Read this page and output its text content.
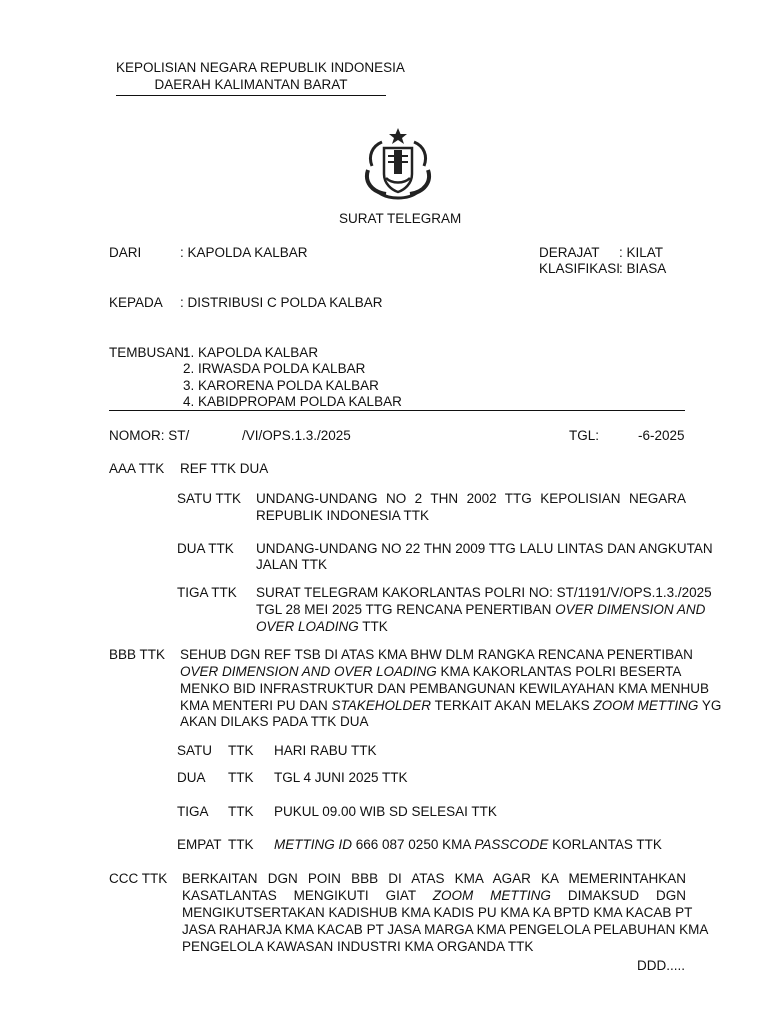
KEPOLISIAN NEGARA REPUBLIK INDONESIA
DAERAH KALIMANTAN BARAT
SURAT TELEGRAM
DARI	: KAPOLDA KALBAR	DERAJAT : KILAT
KLASIFIKASI
: BIASA
KEPADA : DISTRIBUSI C POLDA KALBAR
TEMBUSAN:
1. KAPOLDA KALBAR
2. IRWASDA POLDA KALBAR
3. KARORENA POLDA KALBAR
4. KABIDPROPAM POLDA KALBAR
NOMOR: ST/	/VI/OPS.1.3./2025	TGL:	-6-2025
AAA TTK REF TTK DUA
SATU TTK UNDANG-UNDANG NO 2 THN 2002 TTG KEPOLISIAN NEGARA
REPUBLIK INDONESIA TTK
DUA TTK UNDANG-UNDANG NO 22 THN 2009 TTG LALU LINTAS DAN ANGKUTAN
JALAN TTK
TIGA TTK SURAT TELEGRAM KAKORLANTAS POLRI NO: ST/1191/V/OPS.1.3./2025
TGL 28 MEI 2025 TTG RENCANA PENERTIBAN OVER DIMENSION AND
OVER LOADING TTK
BBB TTK SEHUB DGN REF TSB DI ATAS KMA BHW DLM RANGKA RENCANA PENERTIBAN
OVER DIMENSION AND OVER LOADING KMA KAKORLANTAS POLRI BESERTA
MENKO BID INFRASTRUKTUR DAN PEMBANGUNAN KEWILAYAHAN KMA MENHUB
KMA MENTERI PU DAN STAKEHOLDER TERKAIT AKAN MELAKS ZOOM METTING YG
AKAN DILAKS PADA TTK DUA
SATU TTK HARI RABU TTK
DUA TTK TGL 4 JUNI 2025 TTK
TIGA TTK PUKUL 09.00 WIB SD SELESAI TTK
EMPAT TTK METTING ID 666 087 0250 KMA PASSCODE KORLANTAS TTK
CCC TTK BERKAITAN DGN POIN BBB DI ATAS KMA AGAR KA MEMERINTAHKAN
KASATLANTAS MENGIKUTI GIAT ZOOM METTING DIMAKSUD DGN
MENGIKUTSERTAKAN KADISHUB KMA KADIS PU KMA KA BPTD KMA KACAB PT
JASA RAHARJA KMA KACAB PT JASA MARGA KMA PENGELOLA PELABUHAN KMA
PENGELOLA KAWASAN INDUSTRI KMA ORGANDA TTK
DDD.....
